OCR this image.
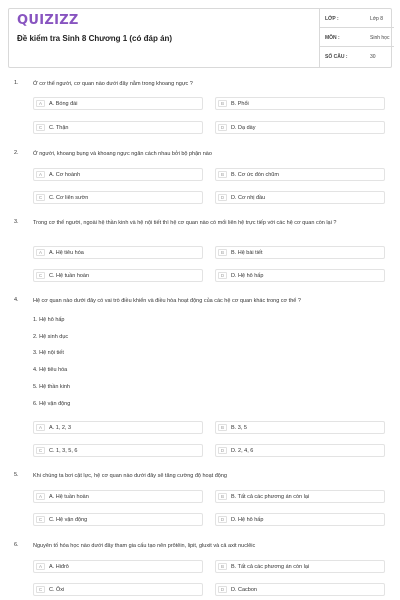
QUIZIZZ
Đề kiểm tra Sinh 8 Chương 1 (có đáp án)
LỚP :	Lớp 8
MÔN :	Sinh học
SỐ CÂU :	30
1.	Ở cơ thể người, cơ quan nào dưới đây nằm trong khoang ngực ?
A	A. Bóng đái	B	B. Phổi
C	C. Thận	D	D. Dạ dày
2.	Ở người, khoang bụng và khoang ngực ngăn cách nhau bởi bộ phận nào
A	A. Cơ hoành	B	B. Cơ ức đòn chũm
C	C. Cơ liên sườn	D	D. Cơ nhị đầu
3.	Trong cơ thể người, ngoài hệ thần kinh và hệ nội tiết thì hệ cơ quan nào có mối liên hệ trực tiếp với các hệ cơ quan còn lại ?
A	A. Hệ tiêu hóa	B	B. Hệ bài tiết
C	C. Hệ tuần hoàn	D	D. Hệ hô hấp
4.	Hệ cơ quan nào dưới đây có vai trò điều khiển và điều hòa hoạt động của các hệ cơ quan khác trong cơ thể ?
1. Hệ hô hấp
2. Hệ sinh dục
3. Hệ nội tiết
4. Hệ tiêu hóa
5. Hệ thần kinh
6. Hệ vận động
A	A. 1, 2, 3	B	B. 3, 5
C	C. 1, 3, 5, 6	D	D. 2, 4, 6
5.	Khi chúng ta bơi cật lực, hệ cơ quan nào dưới đây sẽ tăng cường độ hoạt động
A	A. Hệ tuần hoàn	B	B. Tất cả các phương án còn lại
C	C. Hệ vận động	D	D. Hệ hô hấp
6.	Nguyên tố hóa học nào dưới đây tham gia cấu tạo nên prôtêin, lipit, gluxit và cả axit nuclêic
A	A. Hiđrô	B	B. Tất cả các phương án còn lại
C	C. Ôxi	D	D. Cacbon
